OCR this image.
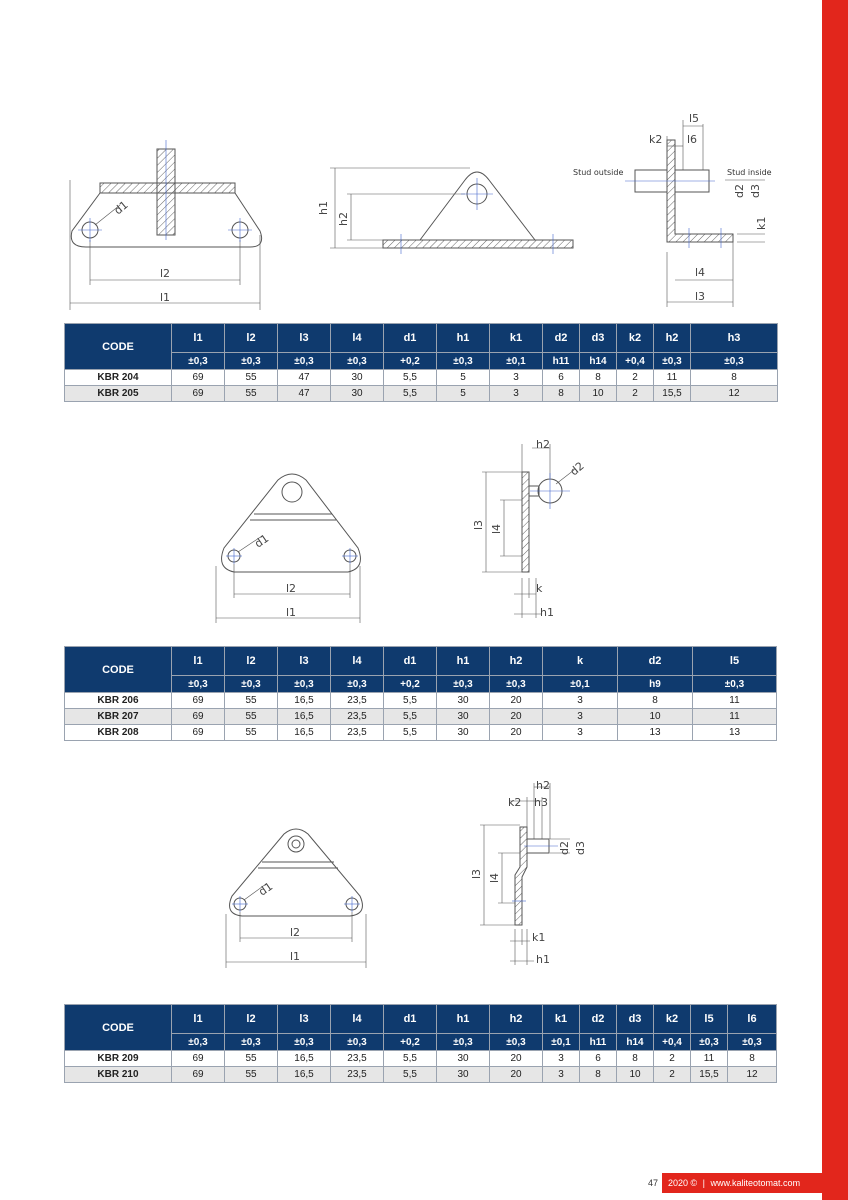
d1
l2
l1
h1
h2
l5
k2 l6
Stud outside	Stud inside
d2 d3
k1
l4
l3
CODE	l1	l2	l3	l4	d1	h1	k1	d2	d3	k2	h2	h3
	±0,3	±0,3	±0,3	±0,3	+0,2	±0,3	±0,1	h11	h14	+0,4	±0,3	±0,3
KBR 204	69	55	47	30	5,5	5	3	6	8	2	11	8
KBR 205	69	55	47	30	5,5	5	3	8	10	2	15,5	12
d1
l2
l1
h2
d2
l3 l4
k
h1
CODE	l1	l2	l3	l4	d1	h1	h2	k	d2	l5
	±0,3	±0,3	±0,3	±0,3	+0,2	±0,3	±0,3	±0,1	h9	±0,3
KBR 206	69	55	16,5	23,5	5,5	30	20	3	8	11
KBR 207	69	55	16,5	23,5	5,5	30	20	3	10	11
KBR 208	69	55	16,5	23,5	5,5	30	20	3	13	13
d1
l2
l1
h2
k2 h3
d2 d3
l3 l4
k1
h1
CODE	l1	l2	l3	l4	d1	h1	h2	k1	d2	d3	k2	l5	l6
	±0,3	±0,3	±0,3	±0,3	+0,2	±0,3	±0,3	±0,1	h11	h14	+0,4	±0,3	±0,3
KBR 209	69	55	16,5	23,5	5,5	30	20	3	6	8	2	11	8
KBR 210	69	55	16,5	23,5	5,5	30	20	3	8	10	2	15,5	12
47	2020 © | www.kaliteotomat.com
